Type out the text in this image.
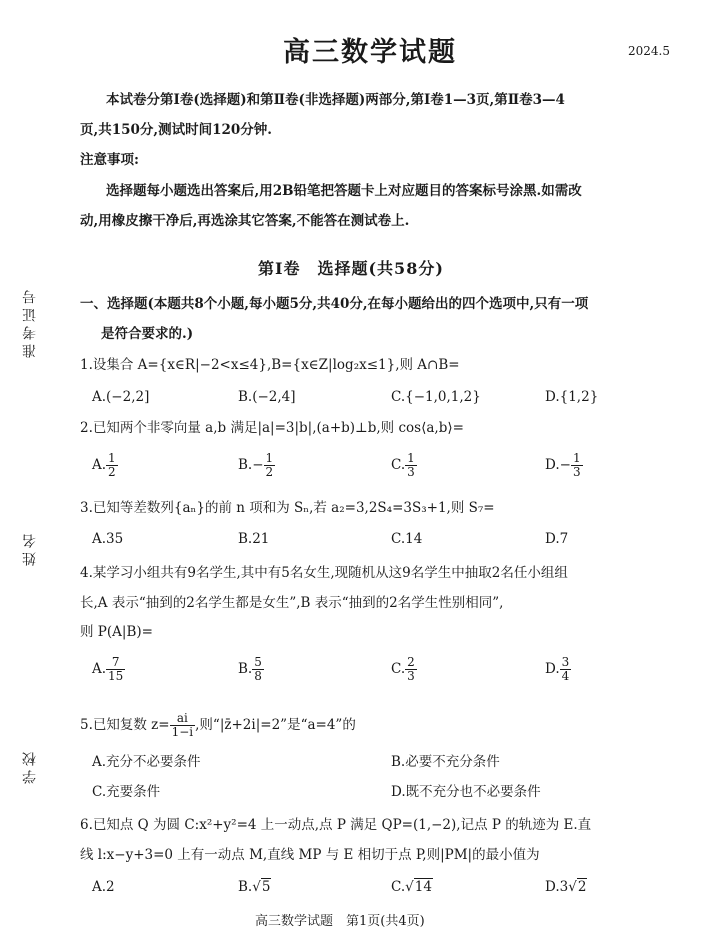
高三数学试题	2024.5
本试卷分第Ⅰ卷(选择题)和第Ⅱ卷(非选择题)两部分,第Ⅰ卷1—3页,第Ⅱ卷3—4
页,共150分,测试时间120分钟.
注意事项:
选择题每小题选出答案后,用2B铅笔把答题卡上对应题目的答案标号涂黑.如需改
动,用橡皮擦干净后,再选涂其它答案,不能答在测试卷上.
第Ⅰ卷　选择题(共58分)
准考证号
姓名
学校
一、选择题(本题共8个小题,每小题5分,共40分,在每小题给出的四个选项中,只有一项
是符合要求的.)
1.设集合 A={x∈R|−2<x≤4},B={x∈Z|log₂x≤1},则 A∩B=
A.(−2,2]	B.(−2,4]	C.{−1,0,1,2}	D.{1,2}
2.已知两个非零向量 a,b 满足|a|=3|b|,(a+b)⊥b,则 cos⟨a,b⟩=
A. $\frac{1}{2}$	$B.- \frac{1}{2}$	C. $\frac{1}{3}$	$D.- \frac{1}{3}$
3.已知等差数列{aₙ}的前 n 项和为 Sₙ,若 a₂=3,2S₄=3S₃+1,则 S₇=
A.35	B.21	C.14	D.7
4.某学习小组共有9名学生,其中有5名女生,现随机从这9名学生中抽取2名任小组组
长,A 表示“抽到的2名学生都是女生”,B 表示“抽到的2名学生性别相同”,
则 P(A|B)=
A. $\frac{7}{15}$	B. $\frac{5}{8}$	C. $\frac{2}{3}$	D. $\frac{3}{4}$
5.已知复数 $z= \frac{ai}{1-i}$ ,则“|z̄+2i|=2”是“a=4”的
A.充分不必要条件	B.必要不充分条件
C.充要条件	D.既不充分也不必要条件
6.已知点 Q 为圆 C:x²+y²=4 上一动点,点 P 满足 QP=(1,−2),记点 P 的轨迹为 E.直
线 l:x−y+3=0 上有一动点 M,直线 MP 与 E 相切于点 P,则|PM|的最小值为
A.2	B.√5	C.√14	D.3√2
高三数学试题　第1页(共4页)
